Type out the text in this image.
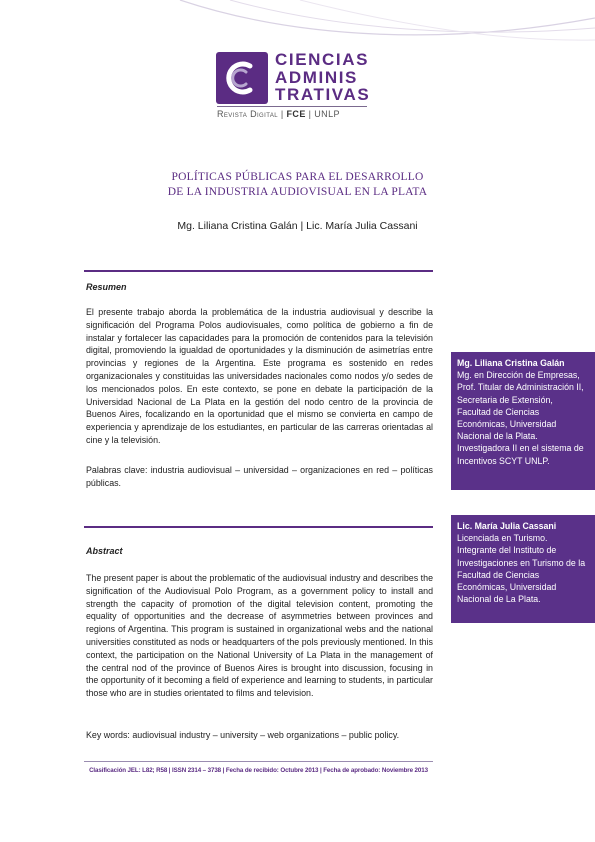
CIENCIAS
ADMINIS
TRATIVAS
Revista Digital | FCE | UNLP
POLÍTICAS PÚBLICAS PARA EL DESARROLLO
DE LA INDUSTRIA AUDIOVISUAL EN LA PLATA
Mg. Liliana Cristina Galán | Lic. María Julia Cassani
Resumen

El presente trabajo aborda la problemática de la industria audiovisual y describe la significación del Programa Polos audiovisuales, como política de gobierno a fin de instalar y fortalecer las capacidades para la promoción de contenidos para la televisión digital, promoviendo la igualdad de oportunidades y la disminución de asimetrías entre provincias y regiones de la Argentina. Este programa es sostenido en redes organizacionales y constituidas las universidades nacionales como nodos y/o sedes de los mencionados polos. En este contexto, se pone en debate la participación de la Universidad Nacional de La Plata en la gestión del nodo centro de la provincia de Buenos Aires, focalizando en la oportunidad que el mismo se convierta en campo de experiencia y aprendizaje de los estudiantes, en particular de las carreras orientadas al cine y la televisión.

Palabras clave: industria audiovisual – universidad – organizaciones en red – políticas públicas.

Abstract

The present paper is about the problematic of the audiovisual industry and describes the signification of the Audiovisual Polo Program, as a government policy to install and strength the capacity of promotion of the digital television content, promoting the equality of opportunities and the decrease of asymmetries between provinces and regions of Argentina. This program is sustained in organizational webs and the national universities constituted as nods or headquarters of the pols previously mentioned. In this context, the participation on the National University of La Plata in the management of the central nod of the province of Buenos Aires is brought into discussion, focusing in the opportunity of it becoming a field of experience and learning to students, in particular those who are in studies orientated to films and television.

Key words: audiovisual industry – university – web organizations – public policy.

Mg. Liliana Cristina Galán
Mg. en Dirección de Empresas, Prof. Titular de Administración II, Secretaria de Extensión, Facultad de Ciencias Económicas, Universidad Nacional de la Plata. Investigadora II en el sistema de Incentivos SCYT UNLP.
Lic. María Julia Cassani
Licenciada en Turismo. Integrante del Instituto de Investigaciones en Turismo de la Facultad de Ciencias Económicas, Universidad Nacional de La Plata.
Clasificación JEL: L82; R58 | ISSN 2314 – 3738 | Fecha de recibido: Octubre 2013 | Fecha de aprobado: Noviembre 2013
